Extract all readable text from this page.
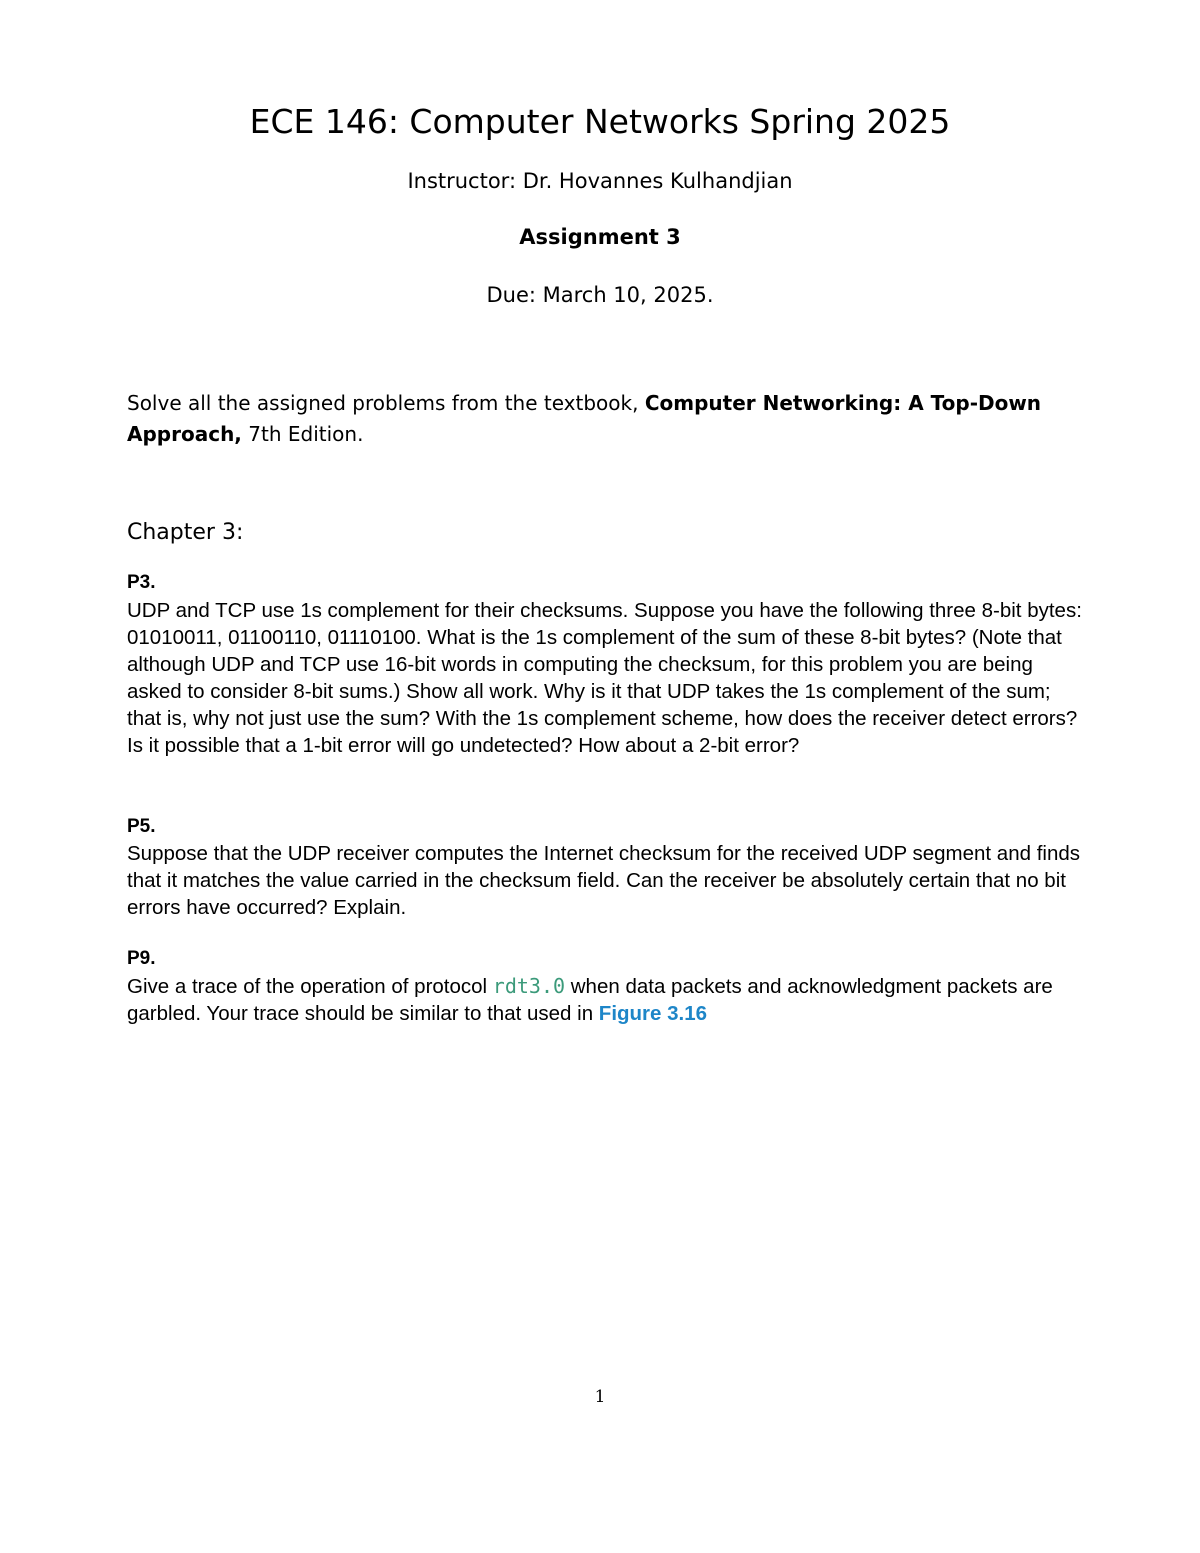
ECE 146: Computer Networks Spring 2025
Instructor: Dr. Hovannes Kulhandjian
Assignment 3
Due: March 10, 2025.
Solve all the assigned problems from the textbook, Computer Networking: A Top-Down Approach, 7th Edition.
Chapter 3:
P3.
UDP and TCP use 1s complement for their checksums. Suppose you have the following three 8-bit bytes: 01010011, 01100110, 01110100. What is the 1s complement of the sum of these 8-bit bytes? (Note that although UDP and TCP use 16-bit words in computing the checksum, for this problem you are being asked to consider 8-bit sums.) Show all work. Why is it that UDP takes the 1s complement of the sum; that is, why not just use the sum? With the 1s complement scheme, how does the receiver detect errors? Is it possible that a 1-bit error will go undetected? How about a 2-bit error?
P5.
Suppose that the UDP receiver computes the Internet checksum for the received UDP segment and finds that it matches the value carried in the checksum field. Can the receiver be absolutely certain that no bit errors have occurred? Explain.
P9.
Give a trace of the operation of protocol rdt3.0 when data packets and acknowledgment packets are garbled. Your trace should be similar to that used in Figure 3.16
1
